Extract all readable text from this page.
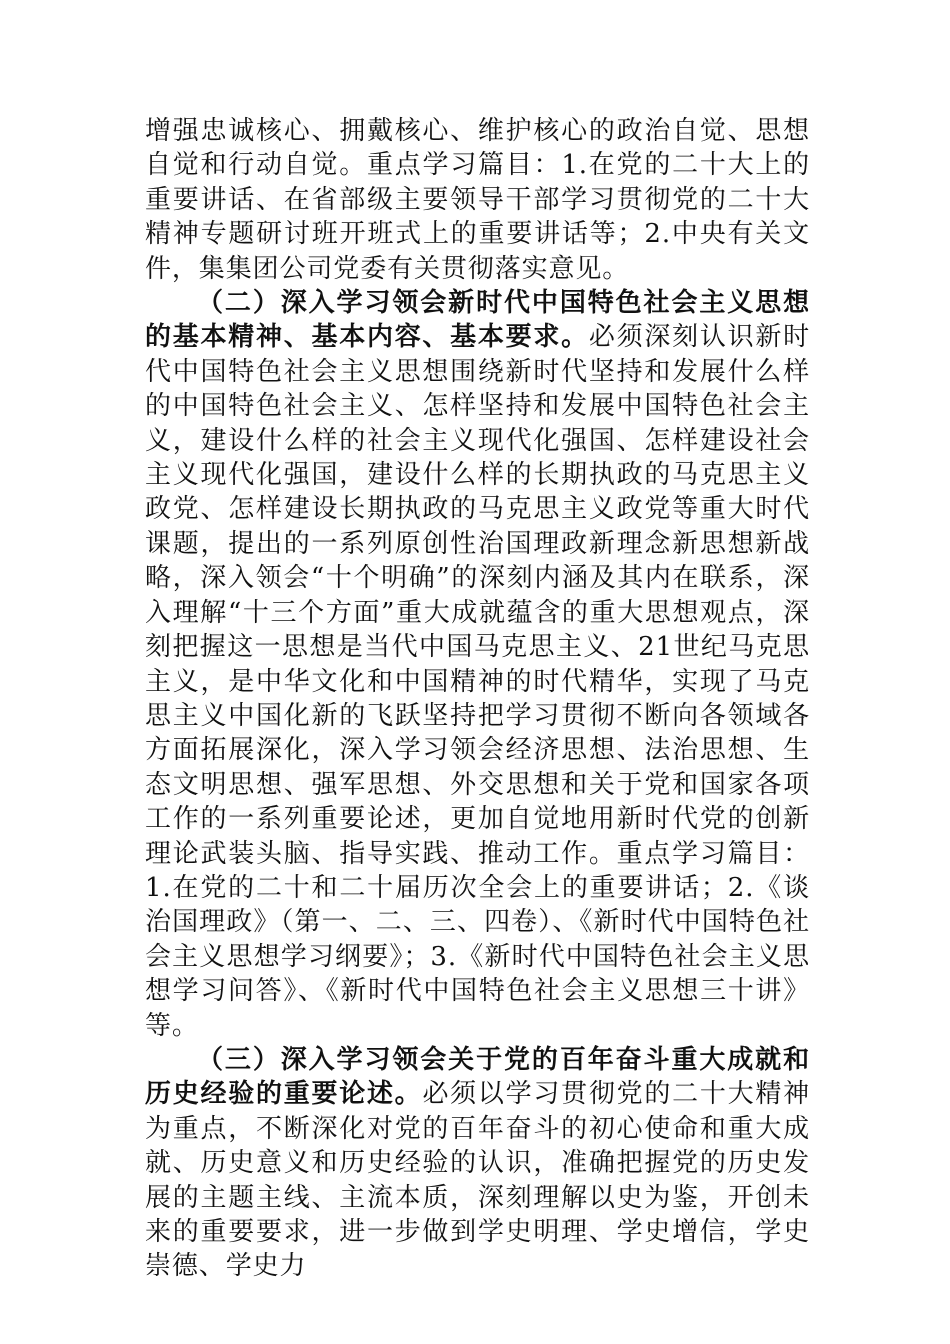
增强忠诚核心、拥戴核心、维护核心的政治自觉、思想自觉和行动自觉。重点学习篇目：1.在党的二十大上的重要讲话、在省部级主要领导干部学习贯彻党的二十大精神专题研讨班开班式上的重要讲话等；2.中央有关文件，集集团公司党委有关贯彻落实意见。

（二）深入学习领会新时代中国特色社会主义思想的基本精神、基本内容、基本要求。必须深刻认识新时代中国特色社会主义思想围绕新时代坚持和发展什么样的中国特色社会主义、怎样坚持和发展中国特色社会主义，建设什么样的社会主义现代化强国、怎样建设社会主义现代化强国，建设什么样的长期执政的马克思主义政党、怎样建设长期执政的马克思主义政党等重大时代课题，提出的一系列原创性治国理政新理念新思想新战略，深入领会“十个明确”的深刻内涵及其内在联系，深入理解“十三个方面”重大成就蕴含的重大思想观点，深刻把握这一思想是当代中国马克思主义、21世纪马克思主义，是中华文化和中国精神的时代精华，实现了马克思主义中国化新的飞跃坚持把学习贯彻不断向各领域各方面拓展深化，深入学习领会经济思想、法治思想、生态文明思想、强军思想、外交思想和关于党和国家各项工作的一系列重要论述，更加自觉地用新时代党的创新理论武装头脑、指导实践、推动工作。重点学习篇目：1.在党的二十和二十届历次全会上的重要讲话；2.《谈治国理政》（第一、二、三、四卷）、《新时代中国特色社会主义思想学习纲要》；3.《新时代中国特色社会主义思想学习问答》、《新时代中国特色社会主义思想三十讲》等。

（三）深入学习领会关于党的百年奋斗重大成就和历史经验的重要论述。必须以学习贯彻党的二十大精神为重点，不断深化对党的百年奋斗的初心使命和重大成就、历史意义和历史经验的认识，准确把握党的历史发展的主题主线、主流本质，深刻理解以史为鉴，开创未来的重要要求，进一步做到学史明理、学史增信，学史崇德、学史力
